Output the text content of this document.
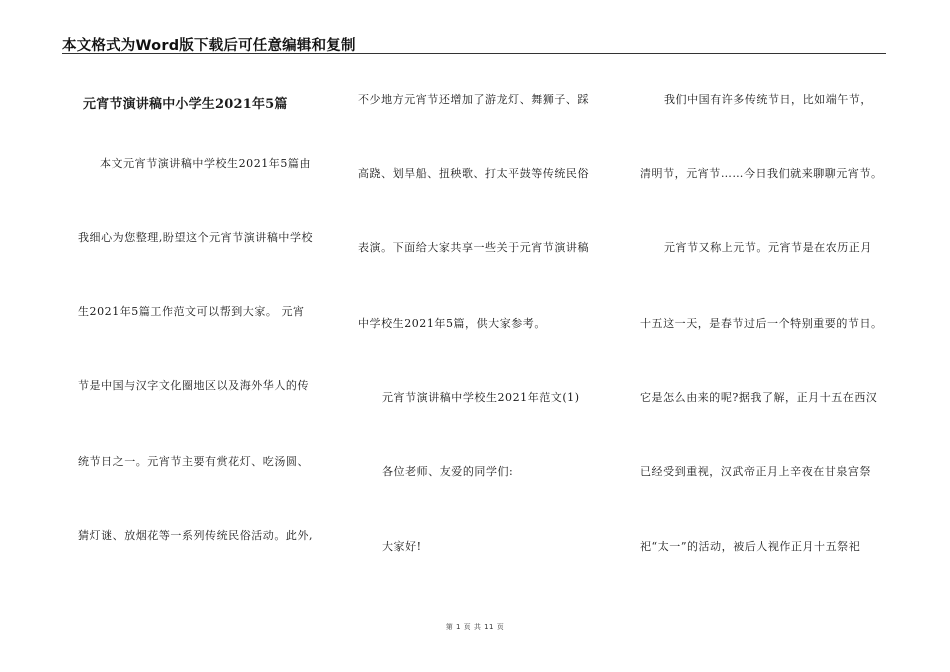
本文格式为Word版下载后可任意编辑和复制
元宵节演讲稿中小学生2021年5篇
本文元宵节演讲稿中学校生2021年5篇由
我细心为您整理,盼望这个元宵节演讲稿中学校
生2021年5篇工作范文可以帮到大家。 元宵
节是中国与汉字文化圈地区以及海外华人的传
统节日之一。元宵节主要有赏花灯、吃汤圆、
猜灯谜、放烟花等一系列传统民俗活动。此外,
不少地方元宵节还增加了游龙灯、舞狮子、踩
高跷、划旱船、扭秧歌、打太平鼓等传统民俗
表演。下面给大家共享一些关于元宵节演讲稿
中学校生2021年5篇，供大家参考。
元宵节演讲稿中学校生2021年范文(1)
各位老师、友爱的同学们:
大家好!
我们中国有许多传统节日，比如端午节，
清明节，元宵节……今日我们就来聊聊元宵节。
元宵节又称上元节。元宵节是在农历正月
十五这一天，是春节过后一个特别重要的节日。
它是怎么由来的呢?据我了解，正月十五在西汉
已经受到重视，汉武帝正月上辛夜在甘泉宫祭
祀“太一”的活动，被后人视作正月十五祭祀
第 1 页 共 11 页
